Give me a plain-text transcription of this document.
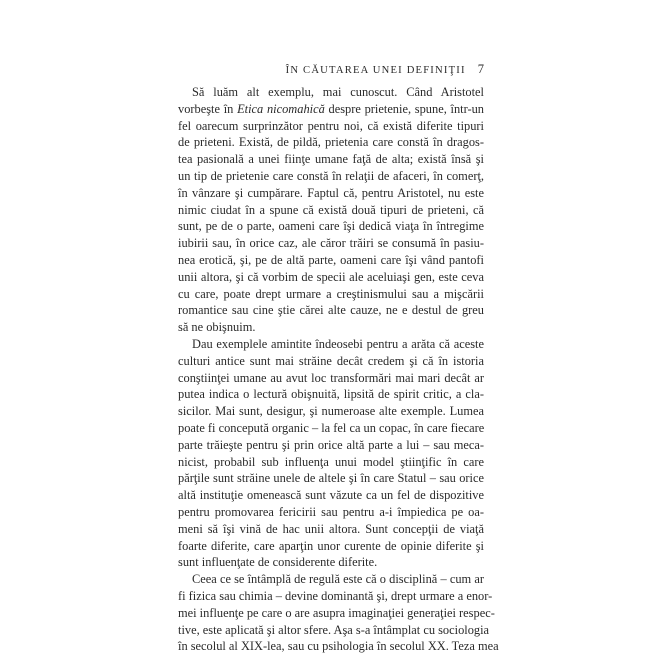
ÎN CĂUTAREA UNEI DEFINIŢII 7
Să luăm alt exemplu, mai cunoscut. Când Aristotel
vorbeşte în Etica nicomahică despre prietenie, spune, într-un
fel oarecum surprinzător pentru noi, că există diferite tipuri
de prieteni. Există, de pildă, prietenia care constă în dragos-
tea pasională a unei fiinţe umane faţă de alta; există însă şi
un tip de prietenie care constă în relaţii de afaceri, în comerţ,
în vânzare şi cumpărare. Faptul că, pentru Aristotel, nu este
nimic ciudat în a spune că există două tipuri de prieteni, că
sunt, pe de o parte, oameni care îşi dedică viaţa în întregime
iubirii sau, în orice caz, ale căror trăiri se consumă în pasiu-
nea erotică, şi, pe de altă parte, oameni care îşi vând pantofi
unii altora, şi că vorbim de specii ale aceluiaşi gen, este ceva
cu care, poate drept urmare a creştinismului sau a mişcării
romantice sau cine ştie cărei alte cauze, ne e destul de greu
să ne obişnuim.
Dau exemplele amintite îndeosebi pentru a arăta că aceste
culturi antice sunt mai străine decât credem şi că în istoria
conştiinţei umane au avut loc transformări mai mari decât ar
putea indica o lectură obişnuită, lipsită de spirit critic, a cla-
sicilor. Mai sunt, desigur, şi numeroase alte exemple. Lumea
poate fi concepută organic – la fel ca un copac, în care fiecare
parte trăieşte pentru şi prin orice altă parte a lui – sau meca-
nicist, probabil sub influenţa unui model ştiinţific în care
părţile sunt străine unele de altele şi în care Statul – sau orice
altă instituţie omenească sunt văzute ca un fel de dispozitive
pentru promovarea fericirii sau pentru a-i împiedica pe oa-
meni să îşi vină de hac unii altora. Sunt concepţii de viaţă
foarte diferite, care aparţin unor curente de opinie diferite şi
sunt influenţate de considerente diferite.
Ceea ce se întâmplă de regulă este că o disciplină – cum ar
fi fizica sau chimia – devine dominantă şi, drept urmare a enor-
mei influenţe pe care o are asupra imaginaţiei generaţiei respec-
tive, este aplicată şi altor sfere. Aşa s-a întâmplat cu sociologia
în secolul al XIX-lea, sau cu psihologia în secolul XX. Teza mea
